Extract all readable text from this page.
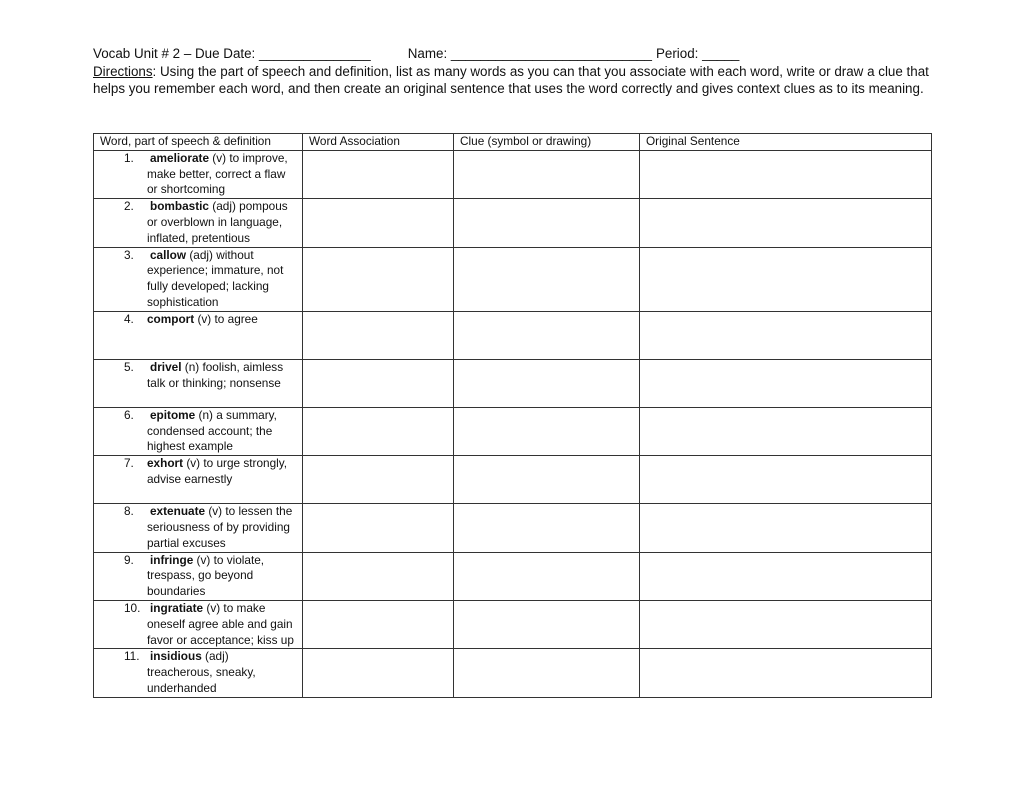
Vocab Unit # 2 – Due Date: _______________	Name: ___________________________ Period: _____
Directions: Using the part of speech and definition, list as many words as you can that you associate with each word, write or draw a clue that helps you remember each word, and then create an original sentence that uses the word correctly and gives context clues as to its meaning.
Word, part of speech & definition	Word Association	Clue (symbol or drawing)	Original Sentence

1. ameliorate (v) to improve, make better, correct a flaw or shortcoming			

2. bombastic (adj) pompous or overblown in language, inflated, pretentious			

3. callow (adj) without experience; immature, not fully developed; lacking sophistication			

4. comport (v) to agree			

5. drivel (n) foolish, aimless talk or thinking; nonsense			

6. epitome (n) a summary, condensed account; the highest example			

7. exhort (v) to urge strongly, advise earnestly			

8. extenuate (v) to lessen the seriousness of by providing partial excuses			

9. infringe (v) to violate, trespass, go beyond boundaries			

10. ingratiate (v) to make oneself agree able and gain favor or acceptance; kiss up			

11. insidious (adj) treacherous, sneaky, underhanded			
